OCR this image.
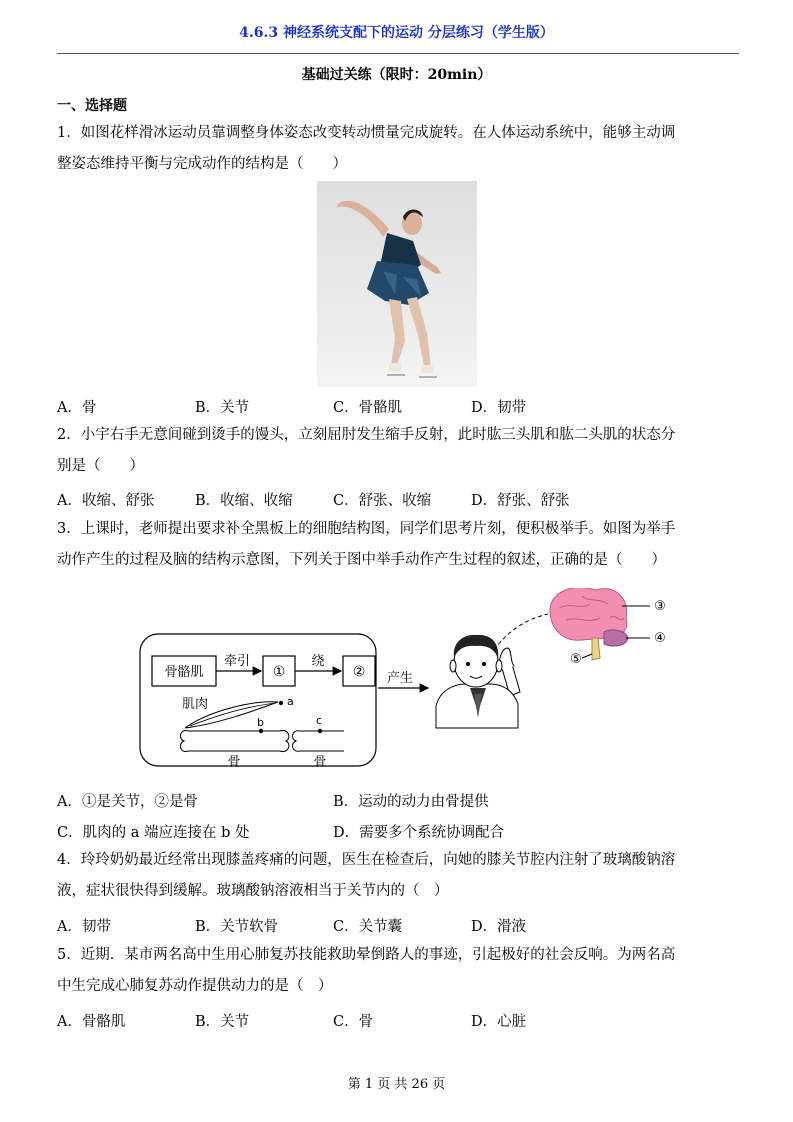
4.6.3 神经系统支配下的运动 分层练习（学生版）
基础过关练（限时：20min）
一、选择题
1．如图花样滑冰运动员靠调整身体姿态改变转动惯量完成旋转。在人体运动系统中，能够主动调
整姿态维持平衡与完成动作的结构是（　　）
A．骨	B．关节	C．骨骼肌	D．韧带
2．小宇右手无意间碰到烫手的馒头，立刻屈肘发生缩手反射，此时肱三头肌和肱二头肌的状态分
别是（　　）
A．收缩、舒张	B．收缩、收缩	C．舒张、收缩	D．舒张、舒张
3．上课时，老师提出要求补全黑板上的细胞结构图，同学们思考片刻，便积极举手。如图为举手
动作产生的过程及脑的结构示意图，下列关于图中举手动作产生过程的叙述，正确的是（　　）
骨骼肌
牵引
①
绕
②
肌肉	a
b	c
骨	骨
产生
③
④
⑤
A．①是关节，②是骨	B．运动的动力由骨提供
C．肌肉的 a 端应连接在 b 处	D．需要多个系统协调配合
4．玲玲奶奶最近经常出现膝盖疼痛的问题，医生在检查后，向她的膝关节腔内注射了玻璃酸钠溶
液，症状很快得到缓解。玻璃酸钠溶液相当于关节内的（　）
A．韧带	B．关节软骨	C．关节囊	D．滑液
5．近期．某市两名高中生用心肺复苏技能救助晕倒路人的事迹，引起极好的社会反响。为两名高
中生完成心肺复苏动作提供动力的是（　）
A．骨骼肌	B．关节	C．骨	D．心脏
第 1 页 共 26 页
